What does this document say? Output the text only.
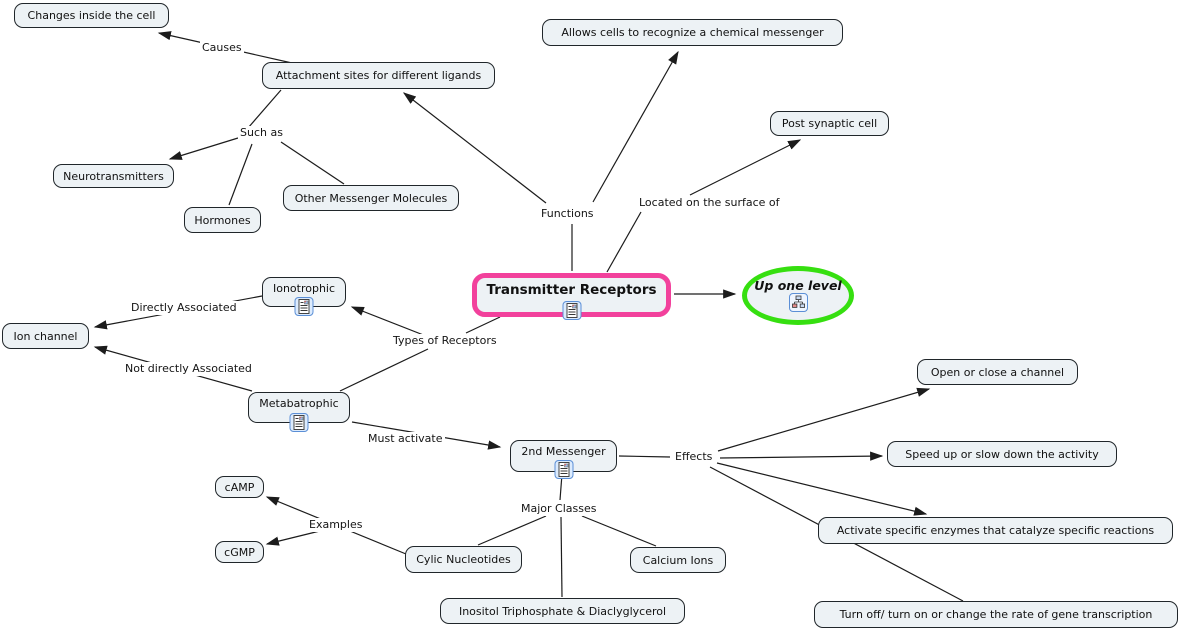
Causes
Such as
Functions
Located on the surface of
Directly Associated
Not directly Associated
Types of Receptors
Must activate
Effects
Major Classes
Examples
Changes inside the cell
Attachment sites for different ligands
Neurotransmitters
Hormones
Other Messenger Molecules
Allows cells to recognize a chemical messenger
Post synaptic cell
Ion channel
Ionotrophic
Metabatrophic
Transmitter Receptors	Up one level
2nd Messenger
cAMP
cGMP
Cylic Nucleotides	Calcium Ions
Inositol Triphosphate & Diaclyglycerol
Open or close a channel
Speed up or slow down the activity
Activate specific enzymes that catalyze specific reactions
Turn off/ turn on or change the rate of gene transcription
